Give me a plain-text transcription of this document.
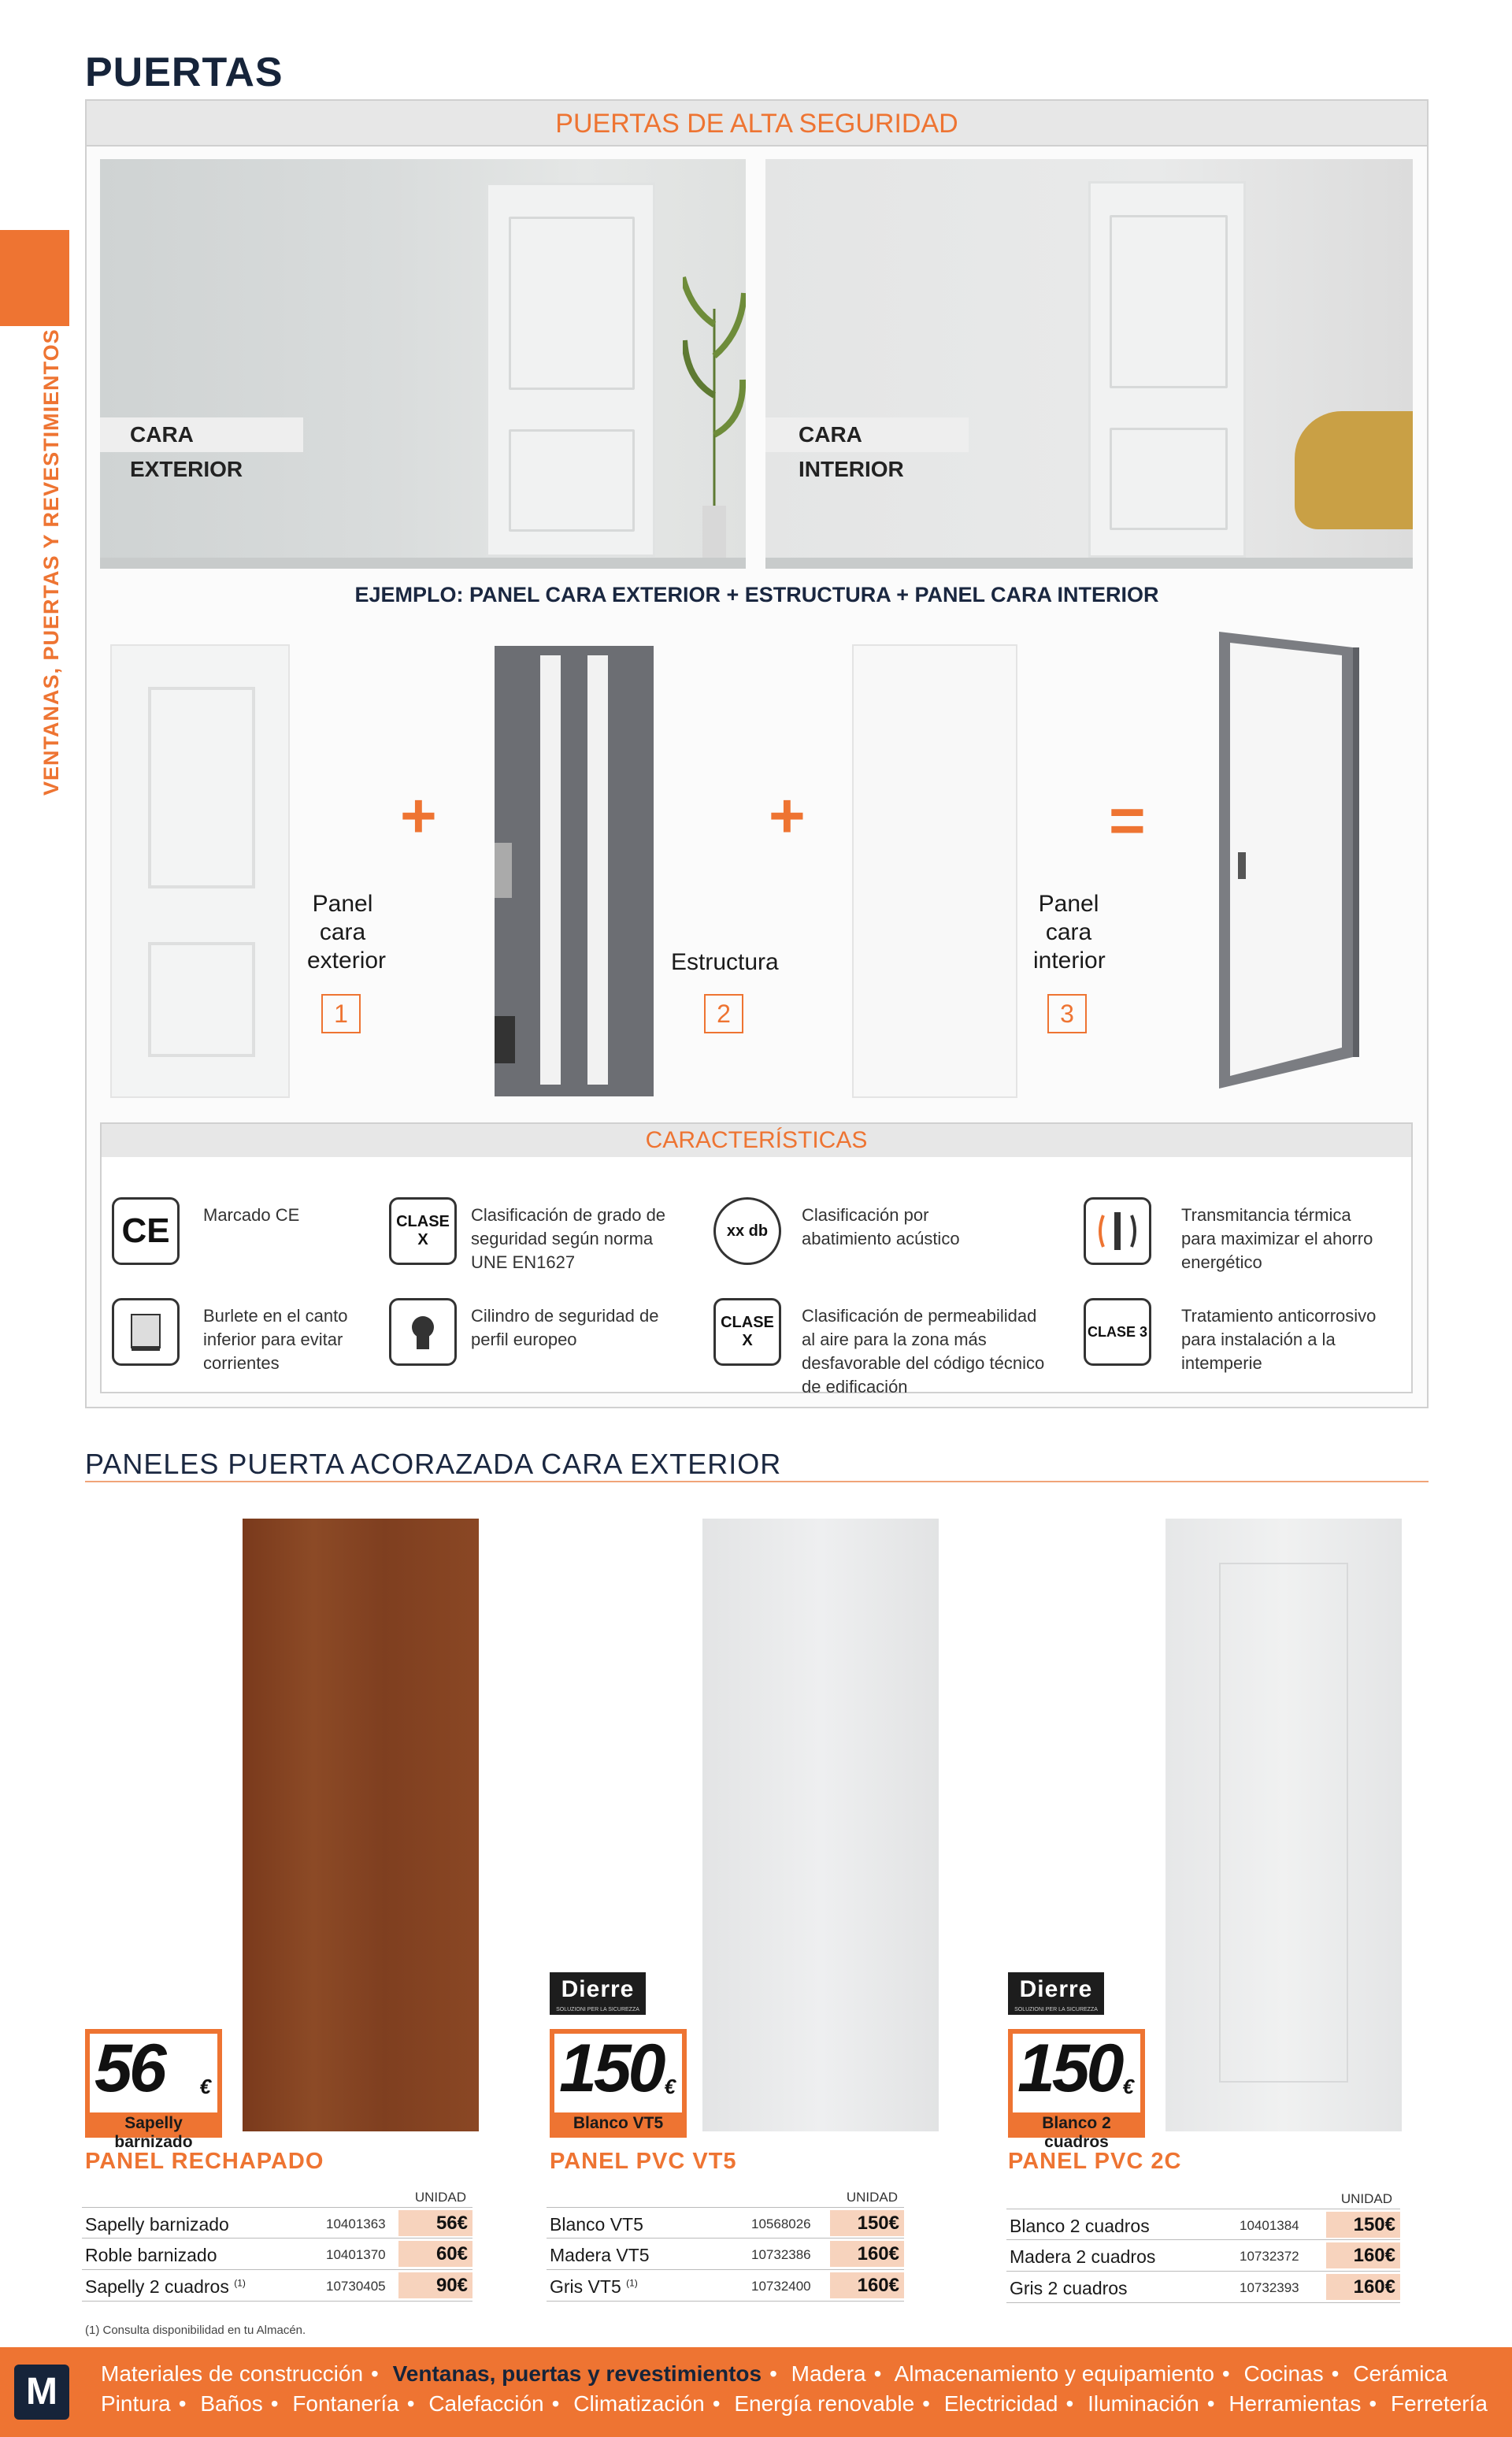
PUERTAS
VENTANAS, PUERTAS Y REVESTIMIENTOS
PUERTAS DE ALTA SEGURIDAD
CARA EXTERIOR
CARA INTERIOR
EJEMPLO: PANEL CARA EXTERIOR + ESTRUCTURA + PANEL CARA INTERIOR
+
Panel
cara
exterior
1
+
Estructura
2
=
Panel
cara
interior
3
CARACTERÍSTICAS
CE	Marcado CE	CLASE X
Clasificación de grado de seguridad según norma UNE EN1627
xx db
Clasificación por abatimiento acústico
Transmitancia térmica para maximizar el ahorro energético
Burlete en el canto inferior para evitar corrientes
Cilindro de seguridad de perfil europeo
CLASE X
Clasificación de permeabilidad al aire para la zona más desfavorable del código técnico de edificación
CLASE 3
Tratamiento anticorrosivo para instalación a la intemperie
PANELES PUERTA ACORAZADA CARA EXTERIOR
Dierre
SOLUZIONI PER LA SICUREZZA
Dierre
SOLUZIONI PER LA SICUREZZA
56 €
Sapelly barnizado
150 €
Blanco VT5
150 €
Blanco 2 cuadros
PANEL RECHAPADO	PANEL PVC VT5	PANEL PVC 2C
UNIDAD
Sapelly barnizado	10401363	56€
Roble barnizado	10401370	60€
Sapelly 2 cuadros $^{(1)}$	10730405	90€
UNIDAD
Blanco VT5	10568026	150€
Madera VT5	10732386	160€
Gris VT5 $^{(1)}$	10732400	160€
UNIDAD
Blanco 2 cuadros	10401384	150€
Madera 2 cuadros	10732372	160€
Gris 2 cuadros	10732393	160€
(1) Consulta disponibilidad en tu Almacén.
M	Materiales de construcción • Ventanas, puertas y revestimientos • Madera • Almacenamiento y equipamiento • Cocinas • Cerámica
Pintura • Baños • Fontanería • Calefacción • Climatización • Energía renovable • Electricidad • Iluminación • Herramientas • Ferretería
